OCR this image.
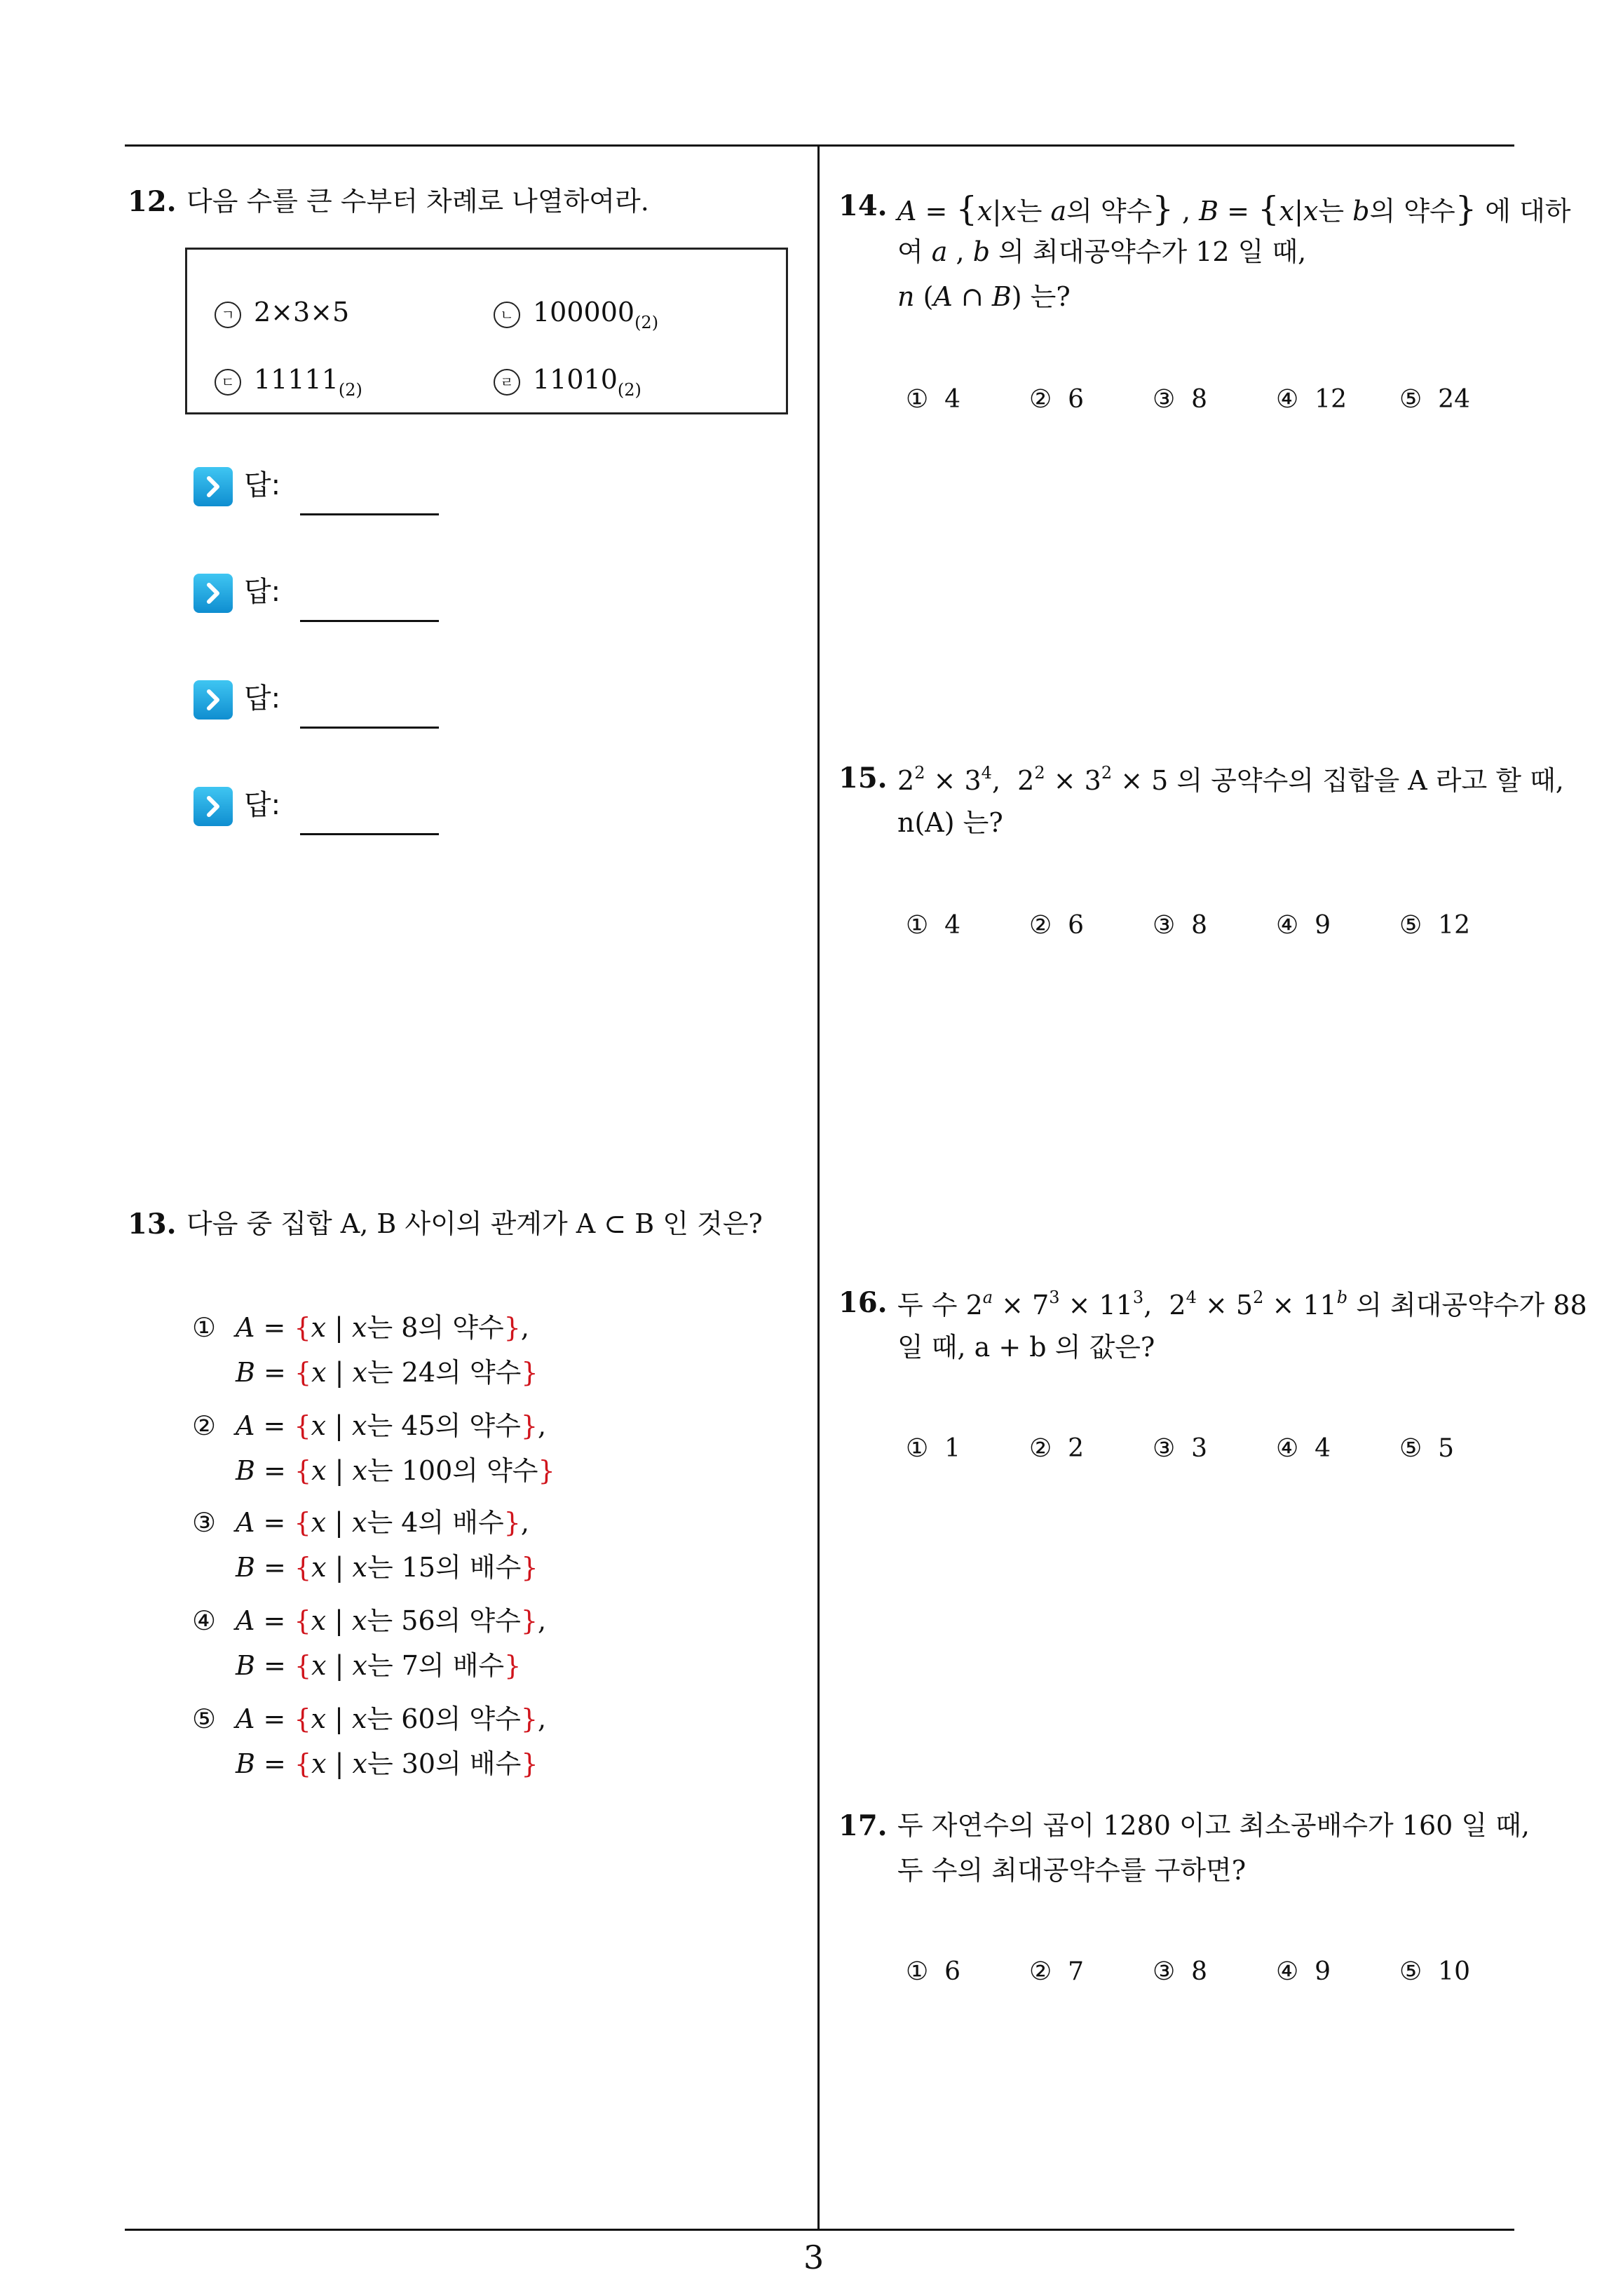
12. 다음 수를 큰 수부터 차례로 나열하여라.
ㄱ 2×3×5	ㄴ $100000_{(2)}$
ㄷ $11111_{(2)}$	ㄹ $11010_{(2)}$
답:
답:
답:
답:
13. 다음 중 집합 A, B 사이의 관계가 A ⊂ B 인 것은?
① A = {x | x는 8의 약수},
B = {x | x는 24의 약수}
② A = {x | x는 45의 약수},
B = {x | x는 100의 약수}
③ A = {x | x는 4의 배수},
B = {x | x는 15의 배수}
④ A = {x | x는 56의 약수},
B = {x | x는 7의 배수}
⑤ A = {x | x는 60의 약수},
B = {x | x는 30의 배수}
14. A = {x|x는 a의 약수} , B = {x|x는 b의 약수} 에 대하
여 a , b 의 최대공약수가 12 일 때,
n (A ∩ B) 는?
① 4	② 6	③ 8	④ 12 ⑤ 24
15. $2^2 \times 3^4$,  $2^2 \times 3^2 \times 5$ 의 공약수의 집합을 A 라고 할 때,
n(A) 는?
① 4	② 6	③ 8	④ 9	⑤ 12
16. 두 수 $2^a \times 7^3 \times 11^3$,  $2^4 \times 5^2 \times 11^b$ 의 최대공약수가 88
일 때, a + b 의 값은?
① 1	② 2	③ 3	④ 4	⑤ 5
17. 두 자연수의 곱이 1280 이고 최소공배수가 160 일 때,
두 수의 최대공약수를 구하면?
① 6	② 7	③ 8	④ 9	⑤ 10
3
